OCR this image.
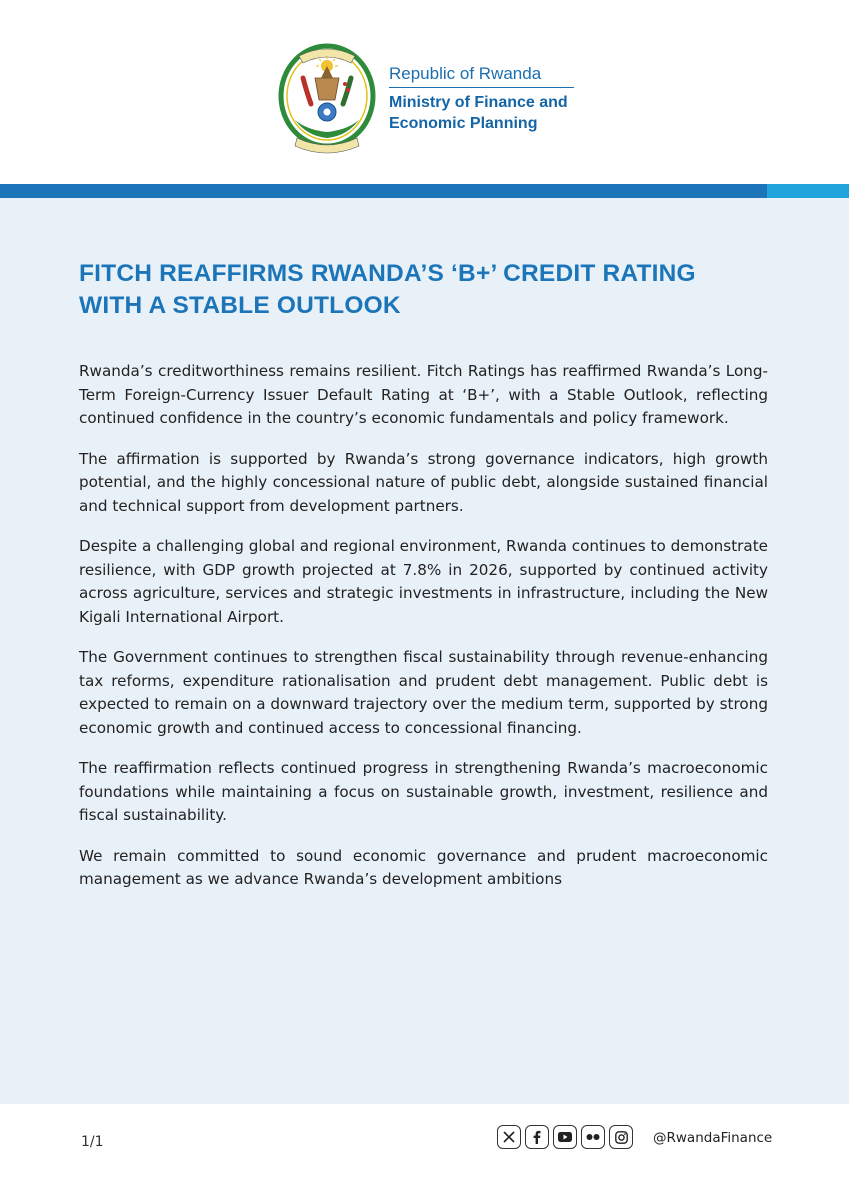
Republic of Rwanda
Ministry of Finance and
Economic Planning
FITCH REAFFIRMS RWANDA’S ‘B+’ CREDIT RATING
WITH A STABLE OUTLOOK

Rwanda’s creditworthiness remains resilient. Fitch Ratings has reaffirmed Rwanda’s Long-Term Foreign-Currency Issuer Default Rating at ‘B+’, with a Stable Outlook, reflecting continued confidence in the country’s economic fundamentals and policy framework.

The affirmation is supported by Rwanda’s strong governance indicators, high growth potential, and the highly concessional nature of public debt, alongside sustained financial and technical support from development partners.

Despite a challenging global and regional environment, Rwanda continues to demonstrate resilience, with GDP growth projected at 7.8% in 2026, supported by continued activity across agriculture, services and strategic investments in infrastructure, including the New Kigali International Airport.

The Government continues to strengthen fiscal sustainability through revenue-enhancing tax reforms, expenditure rationalisation and prudent debt management. Public debt is expected to remain on a downward trajectory over the medium term, supported by strong economic growth and continued access to concessional financing.

The reaffirmation reflects continued progress in strengthening Rwanda’s macroeconomic foundations while maintaining a focus on sustainable growth, investment, resilience and fiscal sustainability.

We remain committed to sound economic governance and prudent macroeconomic management as we advance Rwanda’s development ambitions

1/1	@RwandaFinance
